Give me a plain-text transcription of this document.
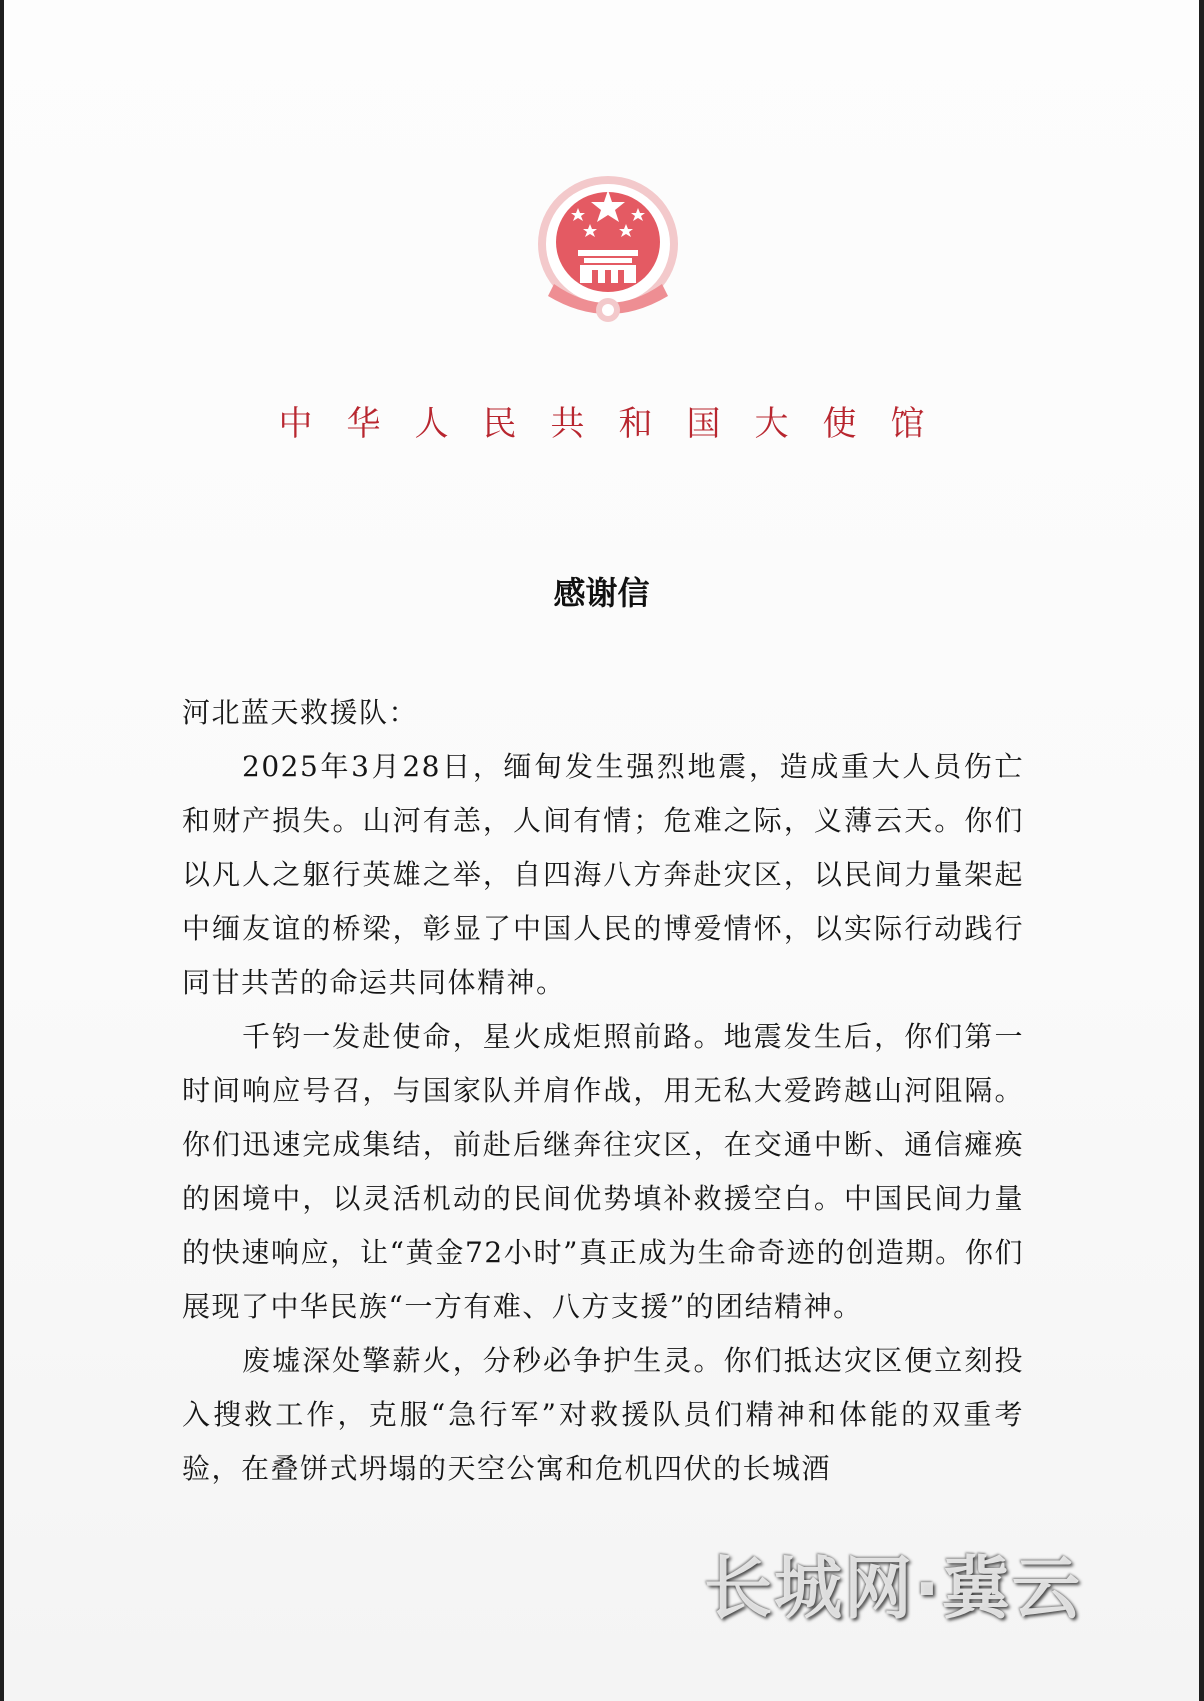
中华人民共和国大使馆
感谢信

河北蓝天救援队：

2025年3月28日，缅甸发生强烈地震，造成重大人员伤亡和财产损失。山河有恙，人间有情；危难之际，义薄云天。你们以凡人之躯行英雄之举，自四海八方奔赴灾区，以民间力量架起中缅友谊的桥梁，彰显了中国人民的博爱情怀，以实际行动践行同甘共苦的命运共同体精神。

千钧一发赴使命，星火成炬照前路。地震发生后，你们第一时间响应号召，与国家队并肩作战，用无私大爱跨越山河阻隔。你们迅速完成集结，前赴后继奔往灾区，在交通中断、通信瘫痪的困境中，以灵活机动的民间优势填补救援空白。中国民间力量的快速响应，让“黄金72小时”真正成为生命奇迹的创造期。你们展现了中华民族“一方有难、八方支援”的团结精神。

废墟深处擎薪火，分秒必争护生灵。你们抵达灾区便立刻投入搜救工作，克服“急行军”对救援队员们精神和体能的双重考验，在叠饼式坍塌的天空公寓和危机四伏的长城酒

长城网·冀云
